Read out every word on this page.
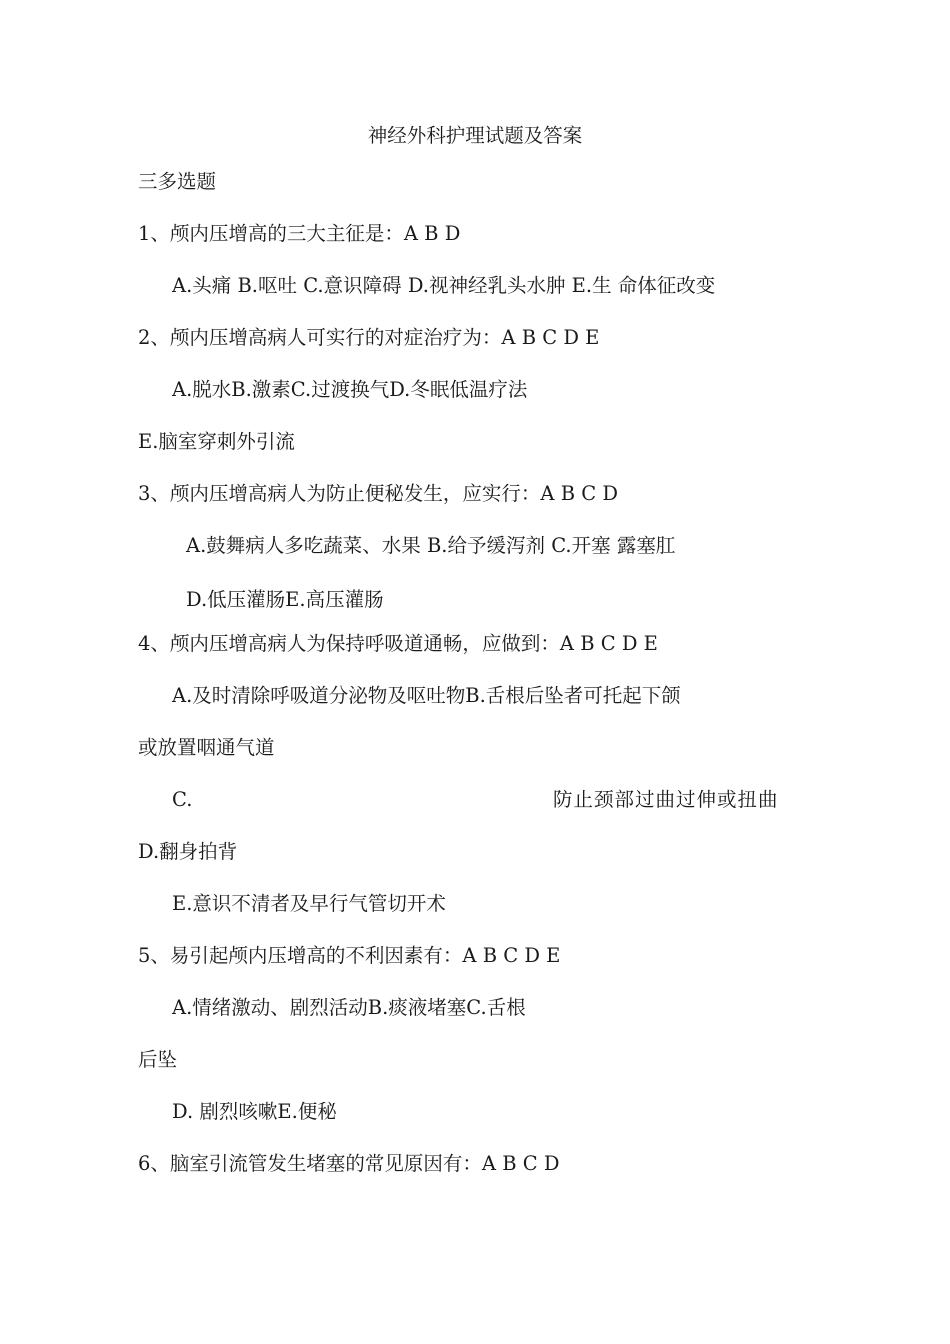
神经外科护理试题及答案
三多选题
1、颅内压增高的三大主征是：A B D
A.头痛 B.呕吐 C.意识障碍 D.视神经乳头水肿 E.生 命体征改变
2、颅内压增高病人可实行的对症治疗为：A B C D E
A.脱水B.激素C.过渡换气D.冬眠低温疗法
E.脑室穿刺外引流
3、颅内压增高病人为防止便秘发生，应实行：A B C D
A.鼓舞病人多吃蔬菜、水果 B.给予缓泻剂 C.开塞 露塞肛
D.低压灌肠E.高压灌肠
4、颅内压增高病人为保持呼吸道通畅，应做到：A B C D E
A.及时清除呼吸道分泌物及呕吐物B.舌根后坠者可托起下颌
或放置咽通气道
C.	防止颈部过曲过伸或扭曲
D.翻身拍背
E.意识不清者及早行气管切开术
5、易引起颅内压增高的不利因素有：A B C D E
A.情绪激动、剧烈活动B.痰液堵塞C.舌根
后坠
D. 剧烈咳嗽E.便秘
6、脑室引流管发生堵塞的常见原因有：A B C D
